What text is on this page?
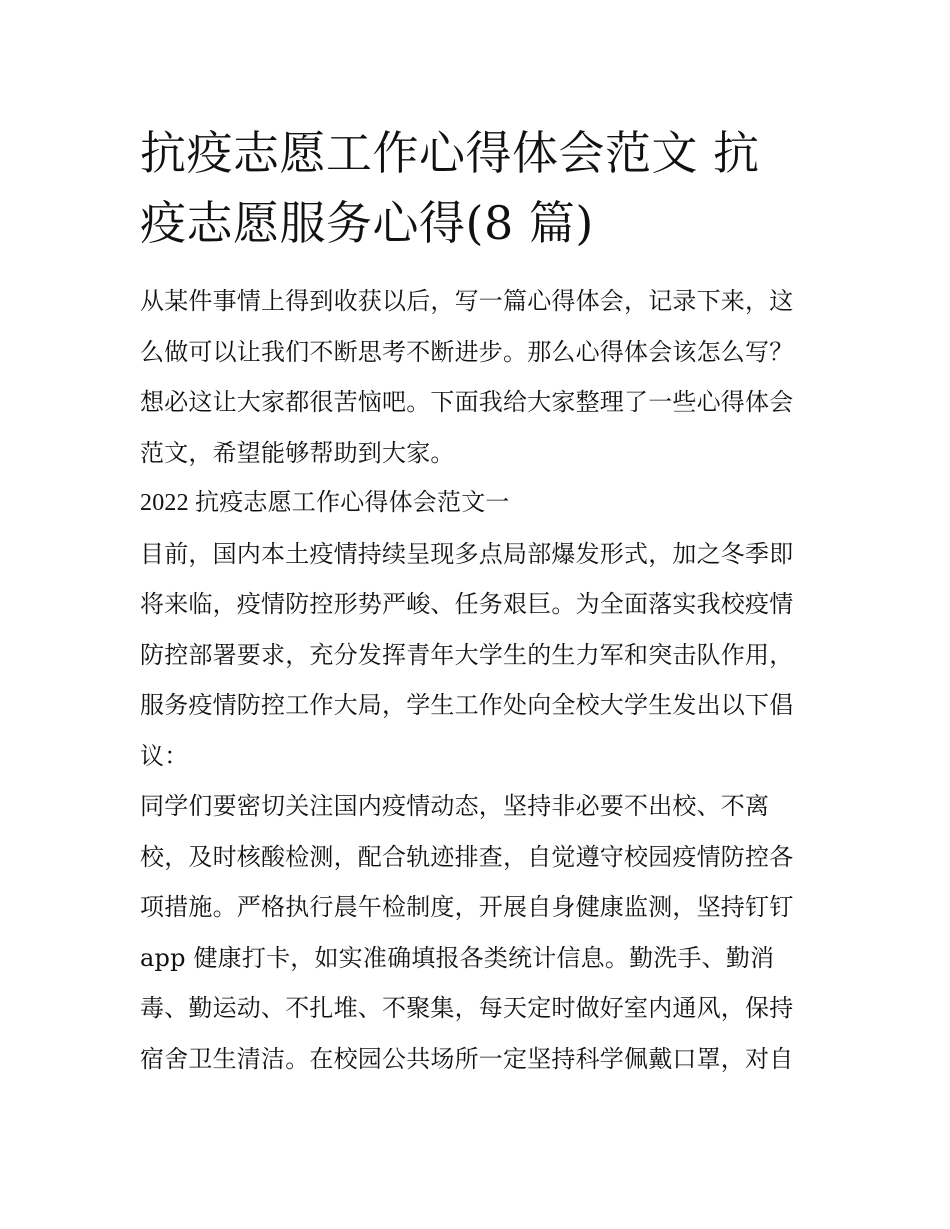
抗疫志愿工作心得体会范文 抗
疫志愿服务心得(8 篇)
从某件事情上得到收获以后，写一篇心得体会，记录下来，这
么做可以让我们不断思考不断进步。那么心得体会该怎么写？
想必这让大家都很苦恼吧。下面我给大家整理了一些心得体会
范文，希望能够帮助到大家。
2022 抗疫志愿工作心得体会范文一
目前，国内本土疫情持续呈现多点局部爆发形式，加之冬季即
将来临，疫情防控形势严峻、任务艰巨。为全面落实我校疫情
防控部署要求，充分发挥青年大学生的生力军和突击队作用，
服务疫情防控工作大局，学生工作处向全校大学生发出以下倡
议：
同学们要密切关注国内疫情动态，坚持非必要不出校、不离
校，及时核酸检测，配合轨迹排查，自觉遵守校园疫情防控各
项措施。严格执行晨午检制度，开展自身健康监测，坚持钉钉
app 健康打卡，如实准确填报各类统计信息。勤洗手、勤消
毒、勤运动、不扎堆、不聚集，每天定时做好室内通风，保持
宿舍卫生清洁。在校园公共场所一定坚持科学佩戴口罩，对自
